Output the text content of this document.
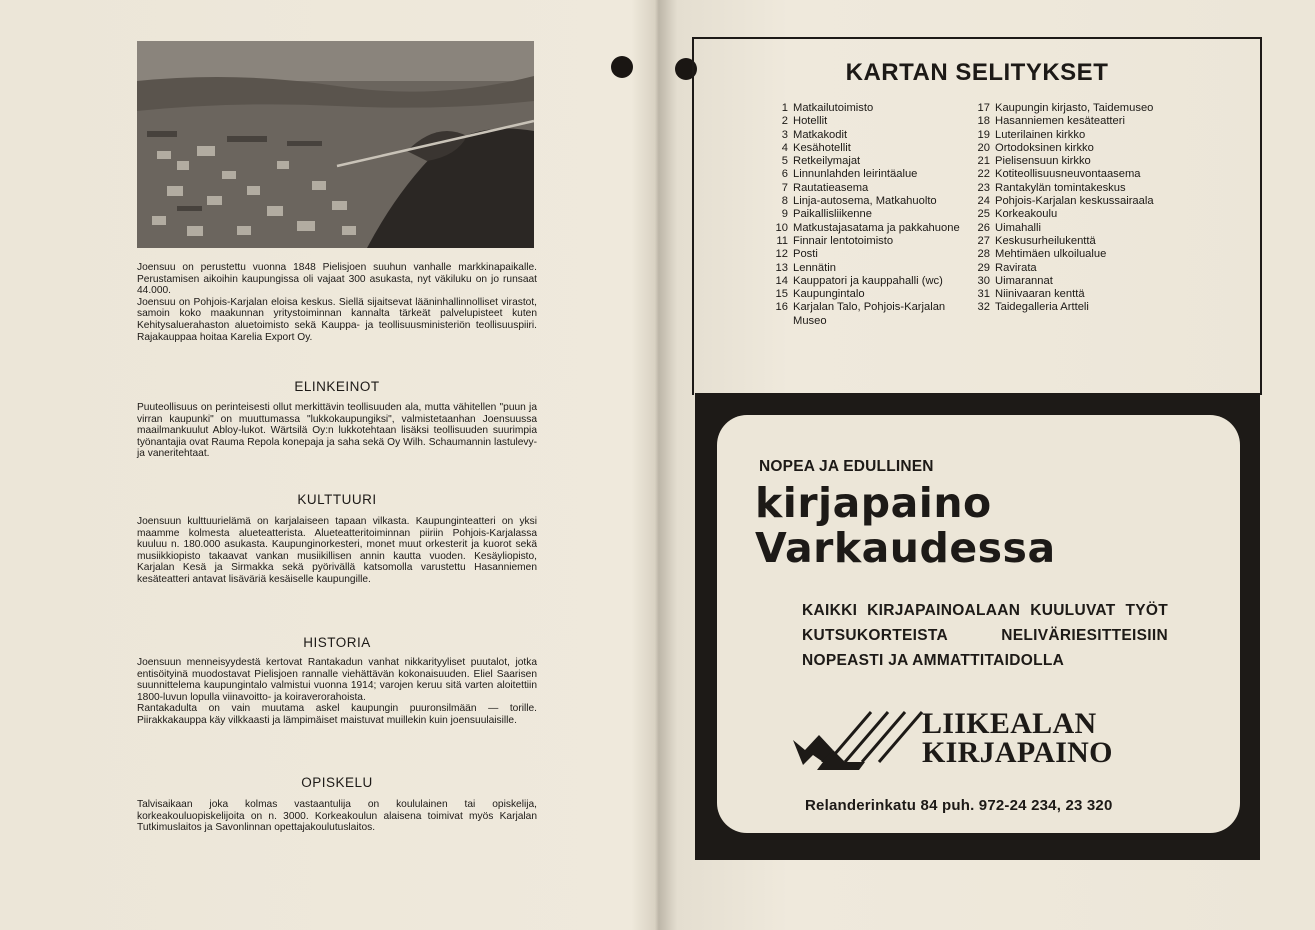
Joensuu on perustettu vuonna 1848 Pielisjoen suuhun vanhalle markkinapaikalle. Perustamisen aikoihin kaupungissa oli vajaat 300 asukasta, nyt väkiluku on jo runsaat 44.000.

Joensuu on Pohjois-Karjalan eloisa keskus. Siellä sijaitsevat lääninhallinnolliset virastot, samoin koko maakunnan yritystoiminnan kannalta tärkeät palvelupisteet kuten Kehitysaluerahaston aluetoimisto sekä Kauppa- ja teollisuusministeriön teollisuuspiiri. Rajakauppaa hoitaa Karelia Export Oy.

ELINKEINOT
Puuteollisuus on perinteisesti ollut merkittävin teollisuuden ala, mutta vähitellen "puun ja virran kaupunki" on muuttumassa "lukkokaupungiksi", valmistetaanhan Joensuussa maailmankuulut Abloy-lukot. Wärtsilä Oy:n lukkotehtaan lisäksi teollisuuden suurimpia työnantajia ovat Rauma Repola konepaja ja saha sekä Oy Wilh. Schaumannin lastulevy- ja vaneritehtaat.
KULTTUURI
Joensuun kulttuurielämä on karjalaiseen tapaan vilkasta. Kaupunginteatteri on yksi maamme kolmesta alueteatterista. Alueteatteritoiminnan piiriin Pohjois-Karjalassa kuuluu n. 180.000 asukasta. Kaupunginorkesteri, monet muut orkesterit ja kuorot sekä musiikkiopisto takaavat vankan musiikillisen annin kautta vuoden. Kesäyliopisto, Karjalan Kesä ja Sirmakka sekä pyörivällä katsomolla varustettu Hasanniemen kesäteatteri antavat lisäväriä kesäiselle kaupungille.
HISTORIA

Joensuun menneisyydestä kertovat Rantakadun vanhat nikkarityyliset puutalot, jotka entisöityinä muodostavat Pielisjoen rannalle viehättävän kokonaisuuden. Eliel Saarisen suunnittelema kaupungintalo valmistui vuonna 1914; varojen keruu sitä varten aloitettiin 1800-luvun lopulla viinavoitto- ja koiraverorahoista.

Rantakadulta on vain muutama askel kaupungin puuronsilmään — torille. Piirakkakauppa käy vilkkaasti ja lämpimäiset maistuvat muillekin kuin joensuulaisille.

OPISKELU
Talvisaikaan joka kolmas vastaantulija on koululainen tai opiskelija, korkeakouluopiskelijoita on n. 3000. Korkeakoulun alaisena toimivat myös Karjalan Tutkimuslaitos ja Savonlinnan opettajakoulutuslaitos.
KARTAN SELITYKSET
1 Matkailutoimisto
2 Hotellit
3 Matkakodit
4 Kesähotellit
5 Retkeilymajat
6 Linnunlahden leirintäalue
7 Rautatieasema
8 Linja-autosema, Matkahuolto
9 Paikallisliikenne
10 Matkustajasatama ja pakkahuone
11 Finnair lentotoimisto
12 Posti
13 Lennätin
14 Kauppatori ja kauppahalli (wc)
15 Kaupungintalo
16 Karjalan Talo, Pohjois-Karjalan Museo
17 Kaupungin kirjasto, Taidemuseo
18 Hasanniemen kesäteatteri
19 Luterilainen kirkko
20 Ortodoksinen kirkko
21 Pielisensuun kirkko
22 Kotiteollisuusneuvontaasema
23 Rantakylän tomintakeskus
24 Pohjois-Karjalan keskussairaala
25 Korkeakoulu
26 Uimahalli
27 Keskusurheilukenttä
28 Mehtimäen ulkoilualue
29 Ravirata
30 Uimarannat
31 Niinivaaran kenttä
32 Taidegalleria Artteli
NOPEA JA EDULLINEN
kirjapaino
Varkaudessa
KAIKKI KIRJAPAINOALAAN KUULUVAT TYÖT KUTSUKORTEISTA NELIVÄRIESITTEISIIN NOPEASTI JA AMMATTITAIDOLLA
LIIKEALAN
KIRJAPAINO
Relanderinkatu 84 puh. 972-24 234, 23 320
